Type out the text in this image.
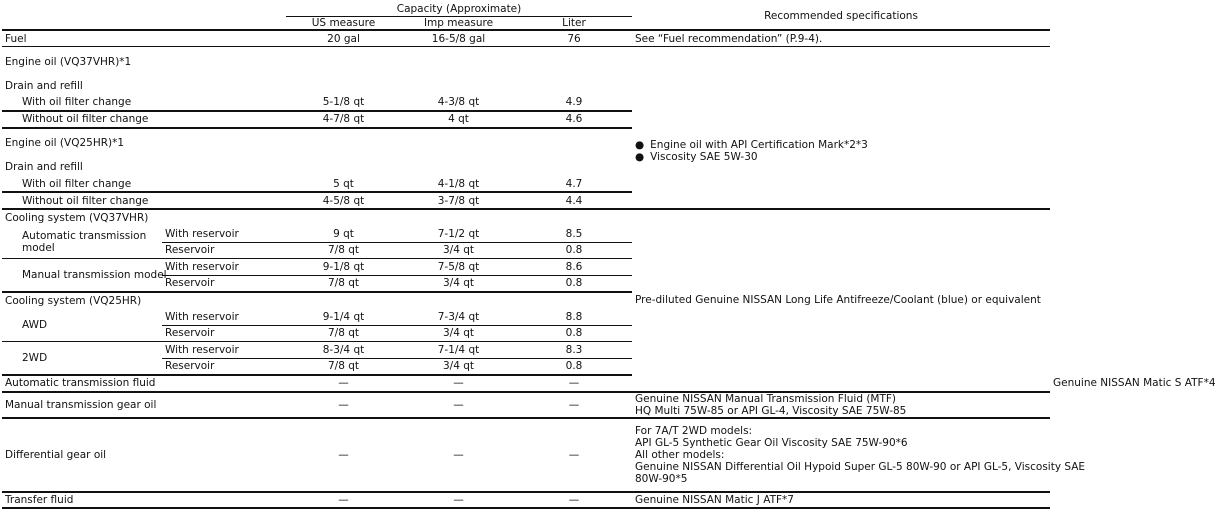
		Capacity (Approximate)			Recommended specifications	
		US measure	Imp measure	Liter		
Fuel		20 gal	16-5/8 gal	76	See “Fuel recommendation” (P.9-4).	
Engine oil (VQ37VHR)*1						
Drain and refill						
With oil filter change		5-1/8 qt	4-3/8 qt	4.9	● Engine oil with API Certification Mark*2*3
● Viscosity SAE 5W-30	

Without oil filter change		4-7/8 qt	4 qt	4.6		
Engine oil (VQ25HR)*1						
Drain and refill						
With oil filter change		5 qt	4-1/8 qt	4.7		
Without oil filter change		4-5/8 qt	3-7/8 qt	4.4		
Cooling system (VQ37VHR)					Pre-diluted Genuine NISSAN Long Life Antifreeze/Coolant (blue) or equivalent	

Automatic transmission
model	With reservoir	9 qt	7-1/2 qt	8.5		
	Reservoir	7/8 qt	3/4 qt	0.8		
Manual transmission model	With reservoir	9-1/8 qt	7-5/8 qt	8.6		
	Reservoir	7/8 qt	3/4 qt	0.8		
Cooling system (VQ25HR)						
AWD	With reservoir	9-1/4 qt	7-3/4 qt	8.8		
	Reservoir	7/8 qt	3/4 qt	0.8		
2WD	With reservoir	8-3/4 qt	7-1/4 qt	8.3		
	Reservoir	7/8 qt	3/4 qt	0.8		
Automatic transmission fluid		—	—	—		Genuine NISSAN Matic S ATF*4
Manual transmission gear oil		—	—	—	Genuine NISSAN Manual Transmission Fluid (MTF)
HQ Multi 75W-85 or API GL-4, Viscosity SAE 75W-85	

Differential gear oil		—	—	—	For 7A/T 2WD models:
API GL-5 Synthetic Gear Oil Viscosity SAE 75W-90*6
All other models:
Genuine NISSAN Differential Oil Hypoid Super GL-5 80W-90 or API GL-5, Viscosity SAE
80W-90*5	

Transfer fluid		—	—	—	Genuine NISSAN Matic J ATF*7	
